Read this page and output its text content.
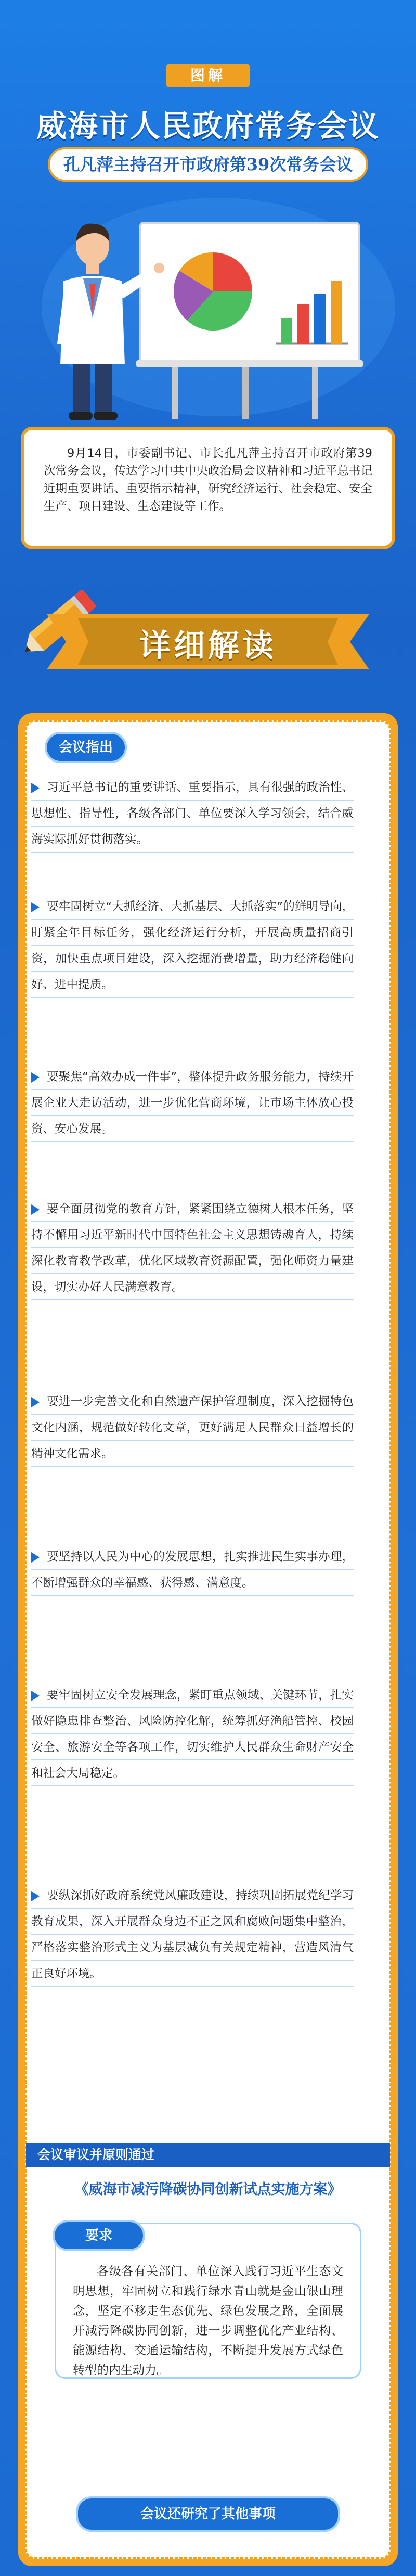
图解
威海市人民政府常务会议
孔凡萍主持召开市政府第39次常务会议
9月14日，市委副书记、市长孔凡萍主持召开市政府第39次常务会议，传达学习中共中央政治局会议精神和习近平总书记近期重要讲话、重要指示精神，研究经济运行、社会稳定、安全生产、项目建设、生态建设等工作。
详细解读
会议指出
习近平总书记的重要讲话、重要指示，具有很强的政治性、思想性、指导性，各级各部门、单位要深入学习领会，结合威海实际抓好贯彻落实。
要牢固树立“大抓经济、大抓基层、大抓落实”的鲜明导向，盯紧全年目标任务，强化经济运行分析，开展高质量招商引资，加快重点项目建设，深入挖掘消费增量，助力经济稳健向好、进中提质。
要聚焦“高效办成一件事”，整体提升政务服务能力，持续开展企业大走访活动，进一步优化营商环境，让市场主体放心投资、安心发展。
要全面贯彻党的教育方针，紧紧围绕立德树人根本任务，坚持不懈用习近平新时代中国特色社会主义思想铸魂育人，持续深化教育教学改革，优化区域教育资源配置，强化师资力量建设，切实办好人民满意教育。
要进一步完善文化和自然遗产保护管理制度，深入挖掘特色文化内涵，规范做好转化文章，更好满足人民群众日益增长的精神文化需求。
要坚持以人民为中心的发展思想，扎实推进民生实事办理，不断增强群众的幸福感、获得感、满意度。
要牢固树立安全发展理念，紧盯重点领域、关键环节，扎实做好隐患排查整治、风险防控化解，统筹抓好渔船管控、校园安全、旅游安全等各项工作，切实维护人民群众生命财产安全和社会大局稳定。
要纵深抓好政府系统党风廉政建设，持续巩固拓展党纪学习教育成果，深入开展群众身边不正之风和腐败问题集中整治，严格落实整治形式主义为基层减负有关规定精神，营造风清气正良好环境。
会议审议并原则通过
《威海市减污降碳协同创新试点实施方案》
要求
各级各有关部门、单位深入践行习近平生态文明思想，牢固树立和践行绿水青山就是金山银山理念，坚定不移走生态优先、绿色发展之路，全面展开减污降碳协同创新，进一步调整优化产业结构、能源结构、交通运输结构，不断提升发展方式绿色转型的内生动力。
会议还研究了其他事项
